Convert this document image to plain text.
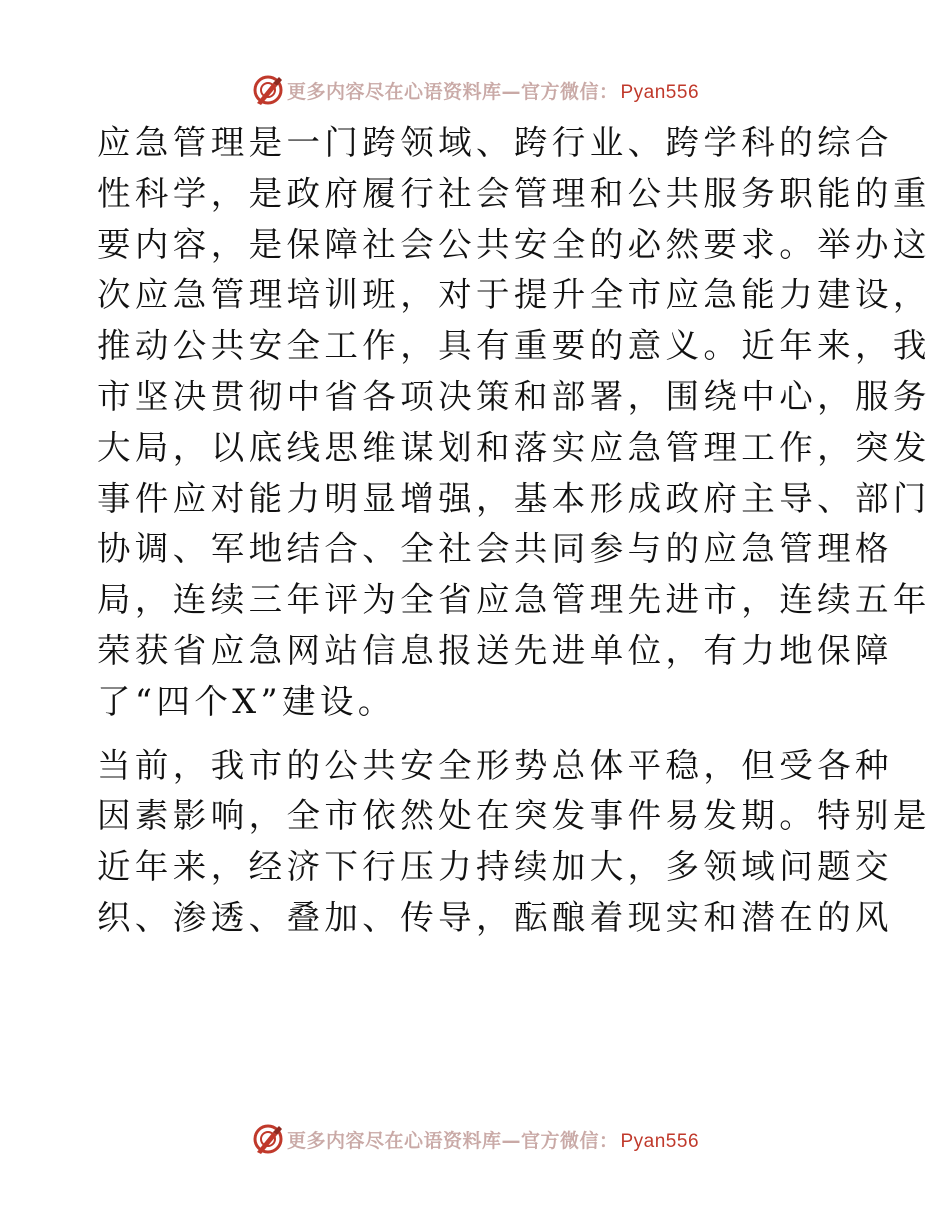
更多内容尽在心语资料库—官方微信： Pyan556
应急管理是一门跨领域、跨行业、跨学科的综合
性科学，是政府履行社会管理和公共服务职能的重
要内容，是保障社会公共安全的必然要求。举办这
次应急管理培训班，对于提升全市应急能力建设，
推动公共安全工作，具有重要的意义。近年来，我
市坚决贯彻中省各项决策和部署，围绕中心，服务
大局，以底线思维谋划和落实应急管理工作，突发
事件应对能力明显增强，基本形成政府主导、部门
协调、军地结合、全社会共同参与的应急管理格
局，连续三年评为全省应急管理先进市，连续五年
荣获省应急网站信息报送先进单位，有力地保障
了“四个X”建设。
当前，我市的公共安全形势总体平稳，但受各种
因素影响，全市依然处在突发事件易发期。特别是
近年来，经济下行压力持续加大，多领域问题交
织、渗透、叠加、传导，酝酿着现实和潜在的风
更多内容尽在心语资料库—官方微信： Pyan556
